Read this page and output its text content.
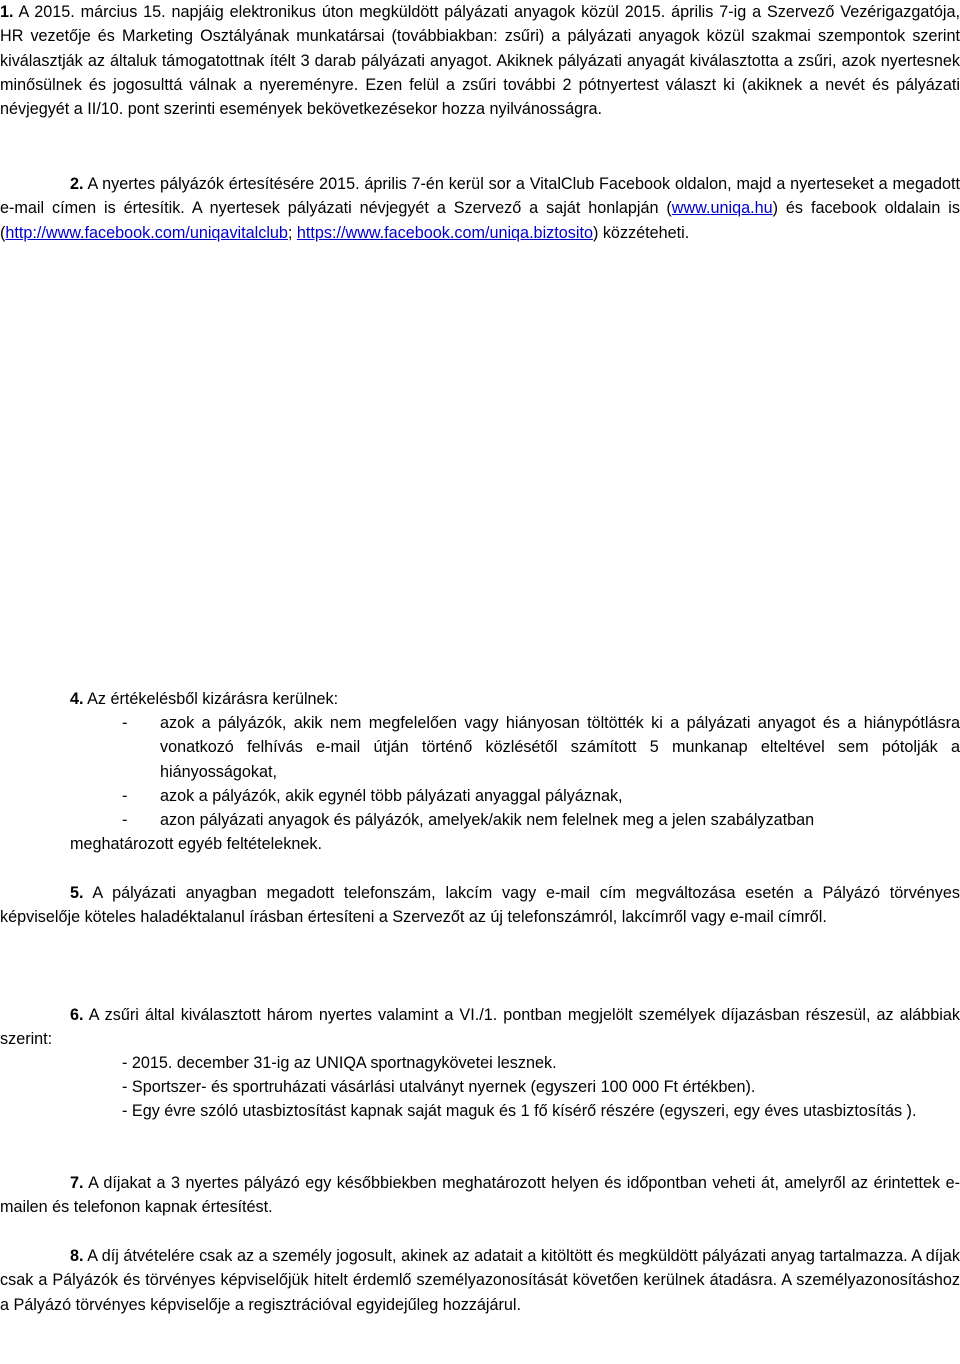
1. A 2015. március 15. napjáig elektronikus úton megküldött pályázati anyagok közül 2015. április 7-ig a Szervező Vezérigazgatója, HR vezetője és Marketing Osztályának munkatársai (továbbiakban: zsűri) a pályázati anyagok közül szakmai szempontok szerint kiválasztják az általuk támogatottnak ítélt 3 darab pályázati anyagot. Akiknek pályázati anyagát kiválasztotta a zsűri, azok nyertesnek minősülnek és jogosulttá válnak a nyereményre. Ezen felül a zsűri további 2 pótnyertest választ ki (akiknek a nevét és pályázati névjegyét a II/10. pont szerinti események bekövetkezésekor hozza nyilvánosságra.

2. A nyertes pályázók értesítésére 2015. április 7-én kerül sor a VitalClub Facebook oldalon, majd a nyerteseket a megadott e-mail címen is értesítik. A nyertesek pályázati névjegyét a Szervező a saját honlapján (www.uniqa.hu) és facebook oldalain is (http://www.facebook.com/uniqavitalclub; https://www.facebook.com/uniqa.biztosito) közzéteheti.

4. Az értékelésből kizárásra kerülnek:

- azok a pályázók, akik nem megfelelően vagy hiányosan töltötték ki a pályázati anyagot és a hiánypótlásra vonatkozó felhívás e-mail útján történő közlésétől számított 5 munkanap elteltével sem pótolják a hiányosságokat,

- azok a pályázók, akik egynél több pályázati anyaggal pályáznak,

- azon pályázati anyagok és pályázók, amelyek/akik nem felelnek meg a jelen szabályzatban

meghatározott egyéb feltételeknek.

5. A pályázati anyagban megadott telefonszám, lakcím vagy e-mail cím megváltozása esetén a Pályázó törvényes képviselője köteles haladéktalanul írásban értesíteni a Szervezőt az új telefonszámról, lakcímről vagy e-mail címről.

6. A zsűri által kiválasztott három nyertes valamint a VI./1. pontban megjelölt személyek díjazásban részesül, az alábbiak szerint:

- 2015. december 31-ig az UNIQA sportnagykövetei lesznek.

- Sportszer- és sportruházati vásárlási utalványt nyernek (egyszeri 100 000 Ft értékben).

- Egy évre szóló utasbiztosítást kapnak saját maguk és 1 fő kísérő részére (egyszeri, egy éves utasbiztosítás ).

7. A díjakat a 3 nyertes pályázó egy későbbiekben meghatározott helyen és időpontban veheti át, amelyről az érintettek e-mailen és telefonon kapnak értesítést.

8. A díj átvételére csak az a személy jogosult, akinek az adatait a kitöltött és megküldött pályázati anyag tartalmazza. A díjak csak a Pályázók és törvényes képviselőjük hitelt érdemlő személyazonosítását követően kerülnek átadásra. A személyazonosításhoz a Pályázó törvényes képviselője a regisztrációval egyidejűleg hozzájárul.
